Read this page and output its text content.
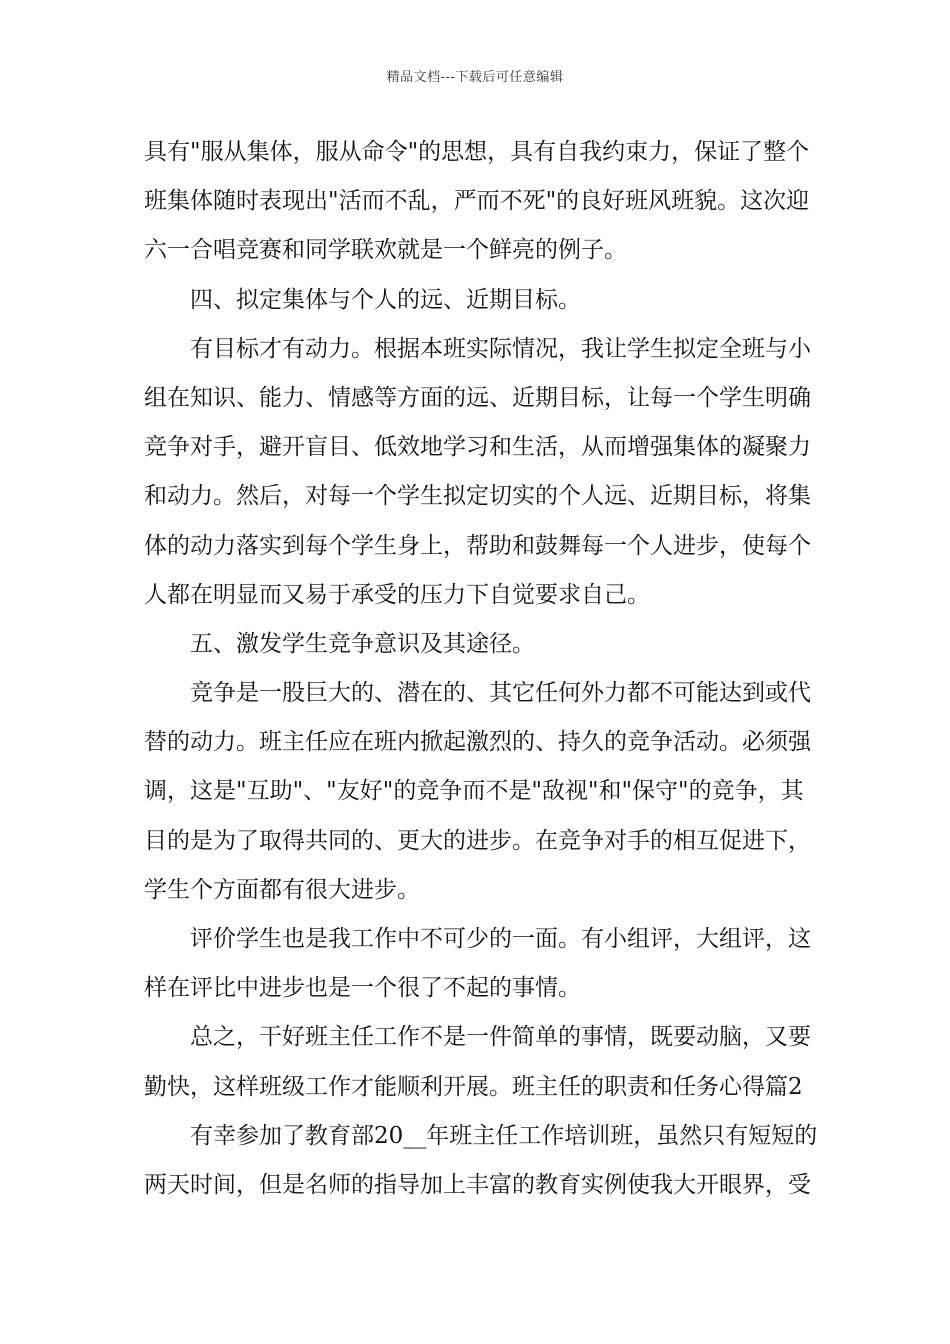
精品文档---下载后可任意编辑

具有"服从集体，服从命令"的思想，具有自我约束力，保证了整个
班集体随时表现出"活而不乱，严而不死"的良好班风班貌。这次迎
六一合唱竞赛和同学联欢就是一个鲜亮的例子。

四、拟定集体与个人的远、近期目标。

有目标才有动力。根据本班实际情况，我让学生拟定全班与小
组在知识、能力、情感等方面的远、近期目标，让每一个学生明确
竞争对手，避开盲目、低效地学习和生活，从而增强集体的凝聚力
和动力。然后，对每一个学生拟定切实的个人远、近期目标，将集
体的动力落实到每个学生身上，帮助和鼓舞每一个人进步，使每个
人都在明显而又易于承受的压力下自觉要求自己。

五、激发学生竞争意识及其途径。

竞争是一股巨大的、潜在的、其它任何外力都不可能达到或代
替的动力。班主任应在班内掀起激烈的、持久的竞争活动。必须强
调，这是"互助"、"友好"的竞争而不是"敌视"和"保守"的竞争，其
目的是为了取得共同的、更大的进步。在竞争对手的相互促进下，
学生个方面都有很大进步。

评价学生也是我工作中不可少的一面。有小组评，大组评，这
样在评比中进步也是一个很了不起的事情。

总之，干好班主任工作不是一件简单的事情，既要动脑，又要
勤快，这样班级工作才能顺利开展。班主任的职责和任务心得篇2

有幸参加了教育部20__年班主任工作培训班，虽然只有短短的
两天时间，但是名师的指导加上丰富的教育实例使我大开眼界，受
